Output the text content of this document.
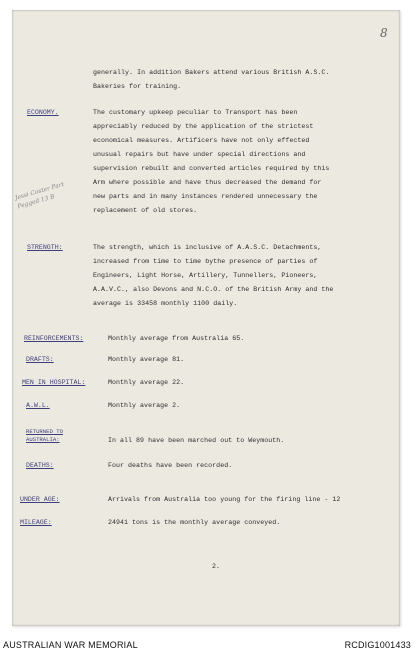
8
generally. In addition Bakers attend various British A.S.C.
Bakeries for training.
ECONOMY.	The customary upkeep peculiar to Transport has been
appreciably reduced by the application of the strictest
economical measures. Artificers have not only effected
unusual repairs but have under special directions and
supervision rebuilt and converted articles required by this
Arm where possible and have thus decreased the demand for
new parts and in many instances rendered unnecessary the
replacement of old stores.
Jessi Coster Part Pegged 13 B
STRENGTH:	The strength, which is inclusive of A.A.S.C. Detachments,
increased from time to time bythe presence of parties of
Engineers, Light Horse, Artillery, Tunnellers, Pioneers,
A.A.V.C., also Devons and N.C.O. of the British Army and the
average is 33458 monthly 1100 daily.
REINFORCEMENTS:	Monthly average from Australia 65.
DRAFTS:	Monthly average 81.
MEN IN HOSPITAL:	Monthly average 22.
A.W.L.	Monthly average 2.
RETURNED TO
AUSTRALIA:	In all 89 have been marched out to Weymouth.
DEATHS:	Four deaths have been recorded.
UNDER AGE:	Arrivals from Australia too young for the firing line - 12
MILEAGE:	24941 tons is the monthly average conveyed.
2.
AUSTRALIAN WAR MEMORIAL	RCDIG1001433
